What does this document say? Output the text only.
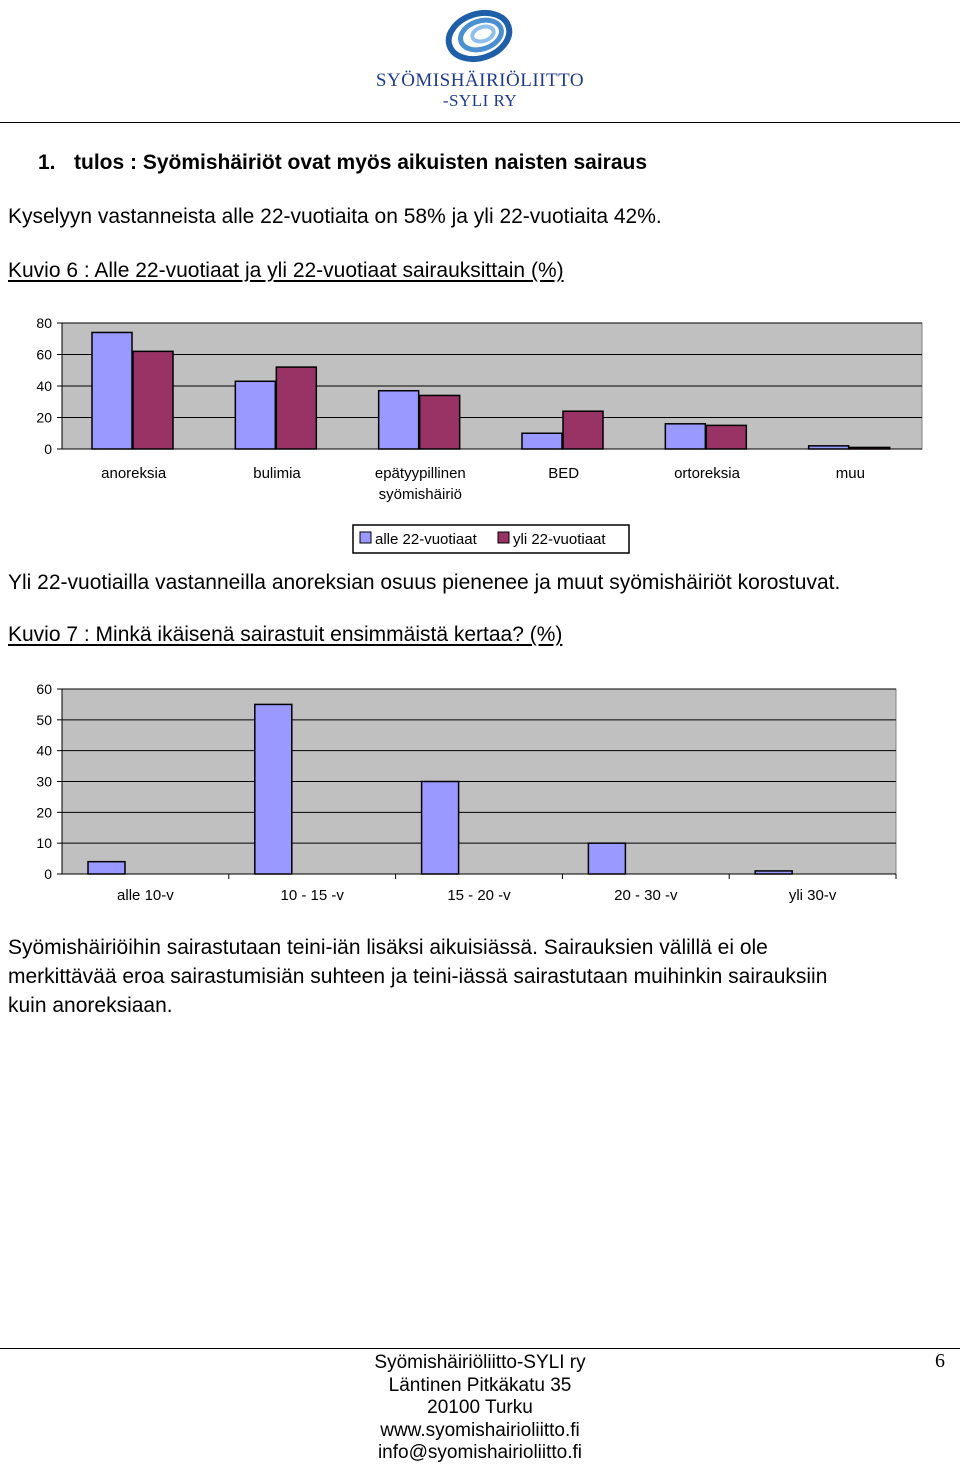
SYÖMISHÄIRIÖLIITTO
-SYLI RY
1. tulos : Syömishäiriöt ovat myös aikuisten naisten sairaus
Kyselyyn vastanneista alle 22-vuotiaita on 58% ja yli 22-vuotiaita 42%.
Kuvio 6 : Alle 22-vuotiaat ja yli 22-vuotiaat sairauksittain (%)
0
20
40
60
80
anoreksia	bulimia	epätyypillinen
syömishäiriö
BED	ortoreksia	muu
alle 22-vuotiaat yli 22-vuotiaat
Yli 22-vuotiailla vastanneilla anoreksian osuus pienenee ja muut syömishäiriöt korostuvat.
Kuvio 7 : Minkä ikäisenä sairastuit ensimmäistä kertaa? (%)
0
10
20
30
40
50
60
alle 10-v	10 - 15 -v	15 - 20 -v	20 - 30 -v	yli 30-v
Syömishäiriöihin sairastutaan teini-iän lisäksi aikuisiässä. Sairauksien välillä ei ole
merkittävää eroa sairastumisiän suhteen ja teini-iässä sairastutaan muihinkin sairauksiin
kuin anoreksiaan.
Syömishäiriöliitto-SYLI ry
Läntinen Pitkäkatu 35
20100 Turku
www.syomishairioliitto.fi
info@syomishairioliitto.fi
6
